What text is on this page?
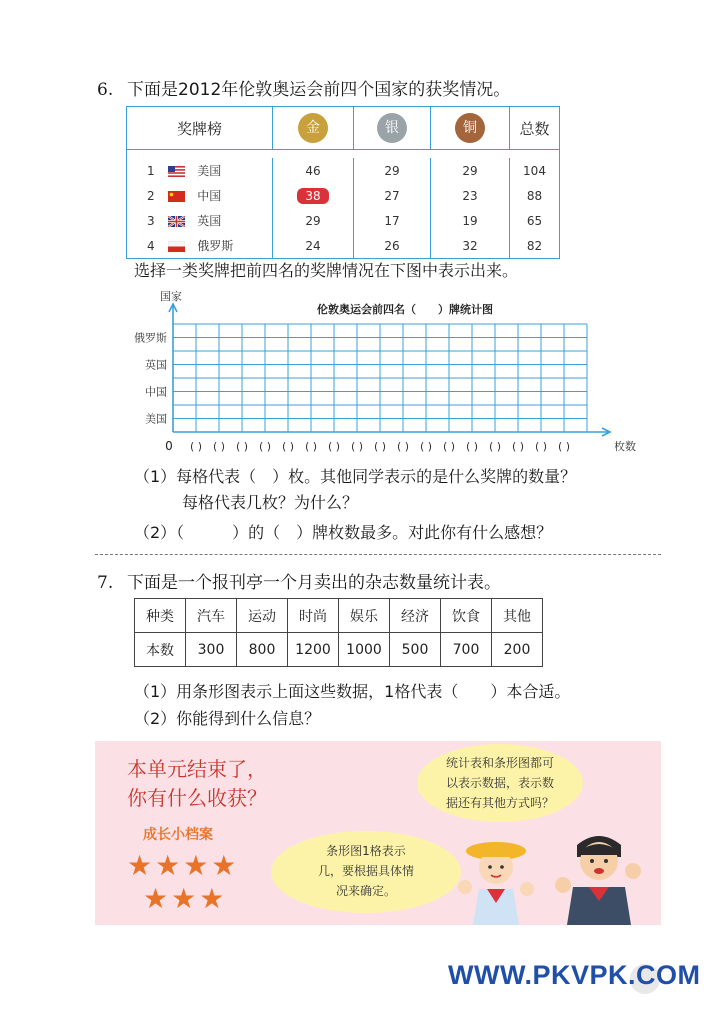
6. 下面是2012年伦敦奥运会前四个国家的获奖情况。
奖牌榜	金	银	铜	总数

1 美国	46	29	29	104
2 中国	38	27	23	88
3 英国	29	17	19	65
4 俄罗斯	24	26	32	82
选择一类奖牌把前四名的奖牌情况在下图中表示出来。
国家
伦敦奥运会前四名（　　）牌统计图
俄罗斯
英国
中国
美国
( ) ( ) ( ) ( ) ( ) ( ) ( ) ( ) ( ) ( ) ( ) ( ) ( ) ( ) ( ) ( ) ( )
0	枚数
（1）每格代表（　）枚。其他同学表示的是什么奖牌的数量？
每格代表几枚？为什么？
（2）（　　　）的（　）牌枚数最多。对此你有什么感想？
7. 下面是一个报刊亭一个月卖出的杂志数量统计表。
种类	汽车	运动	时尚	娱乐	经济	饮食	其他
本数	300	800	1200	1000	500	700	200
（1）用条形图表示上面这些数据，1格代表（　　）本合适。
（2）你能得到什么信息？
本单元结束了，
你有什么收获？
成长小档案
★★★★
★★★
统计表和条形图都可
以表示数据，表示数
据还有其他方式吗？
条形图1格表示
几，要根据具体情
况来确定。
WWW.PKVPK.COM
